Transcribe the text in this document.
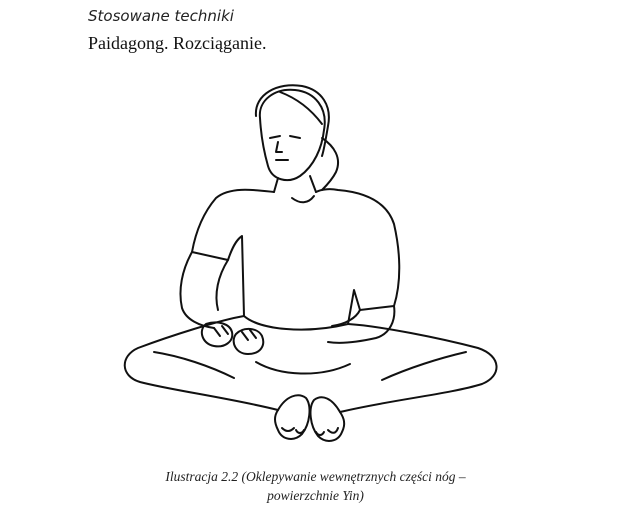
Stosowane techniki
Paidagong. Rozciąganie.
Ilustracja 2.2 (Oklepywanie wewnętrznych części nóg –
powierzchnie Yin)
